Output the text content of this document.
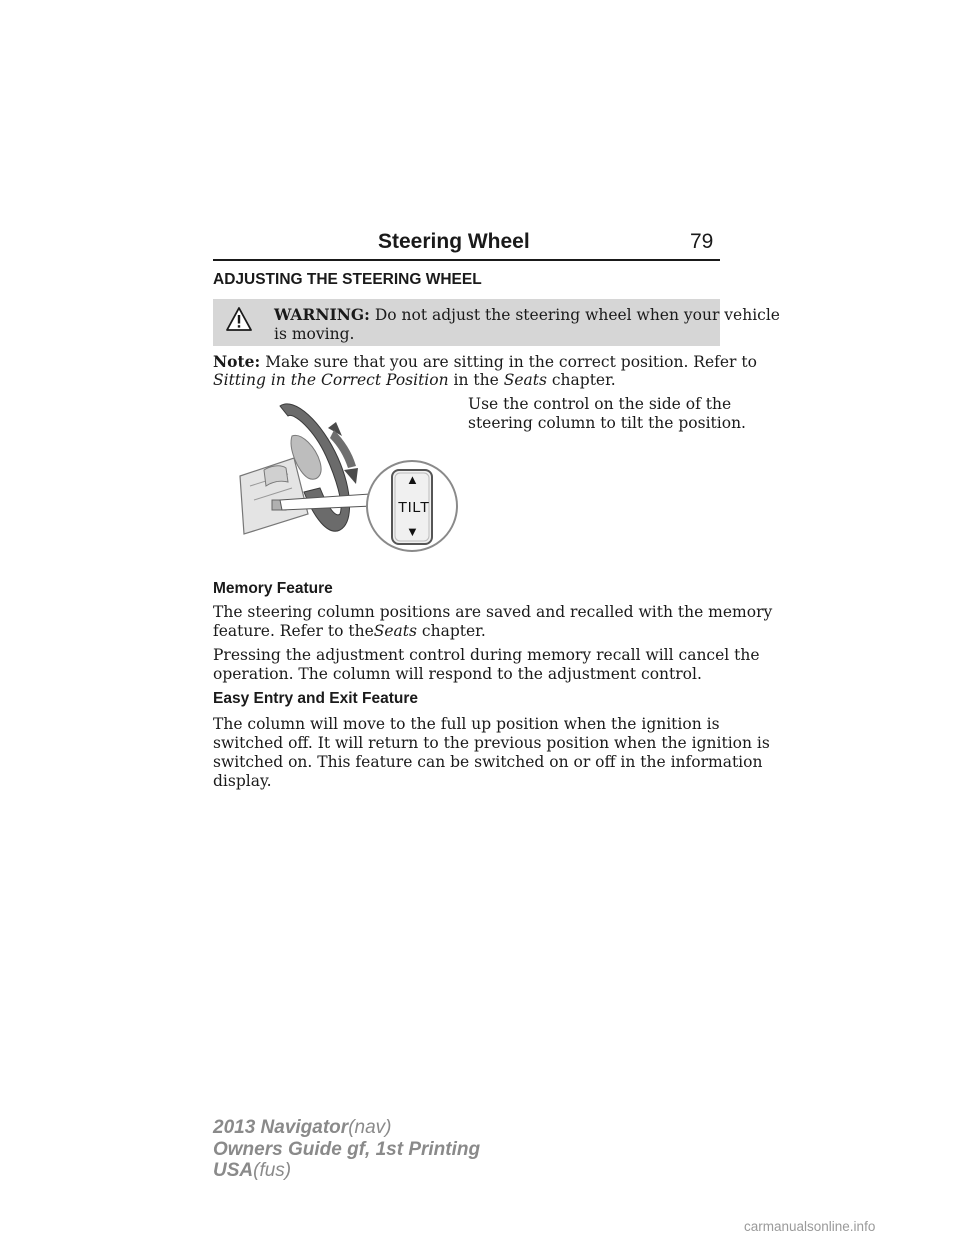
Steering Wheel	79
ADJUSTING THE STEERING WHEEL
WARNING: Do not adjust the steering wheel when your vehicle
is moving.
Note: Make sure that you are sitting in the correct position. Refer to
Sitting in the Correct Position in the Seats chapter.
Use the control on the side of the
steering column to tilt the position.
▲
TILT
▼
Memory Feature
The steering column positions are saved and recalled with the memory
feature. Refer to theSeats chapter.
Pressing the adjustment control during memory recall will cancel the
operation. The column will respond to the adjustment control.
Easy Entry and Exit Feature
The column will move to the full up position when the ignition is
switched off. It will return to the previous position when the ignition is
switched on. This feature can be switched on or off in the information
display.
2013 Navigator(nav)
Owners Guide gf, 1st Printing
USA(fus)
carmanualsonline.info
